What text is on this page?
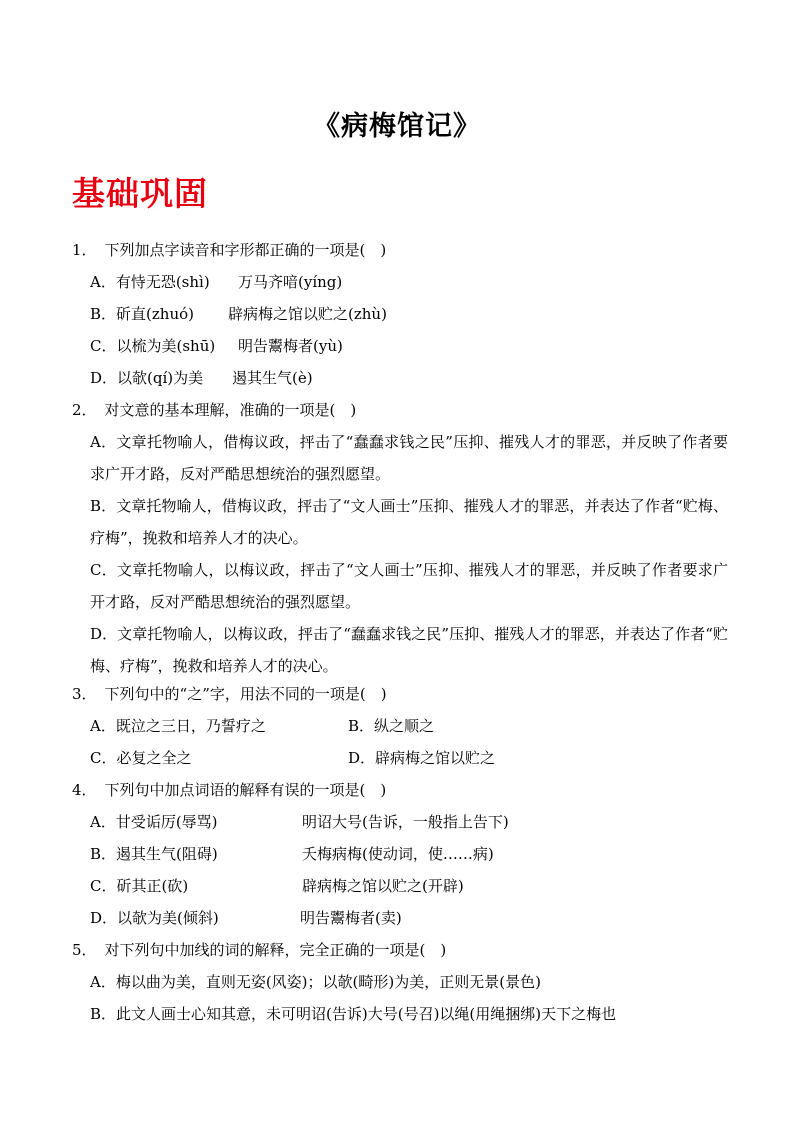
《病梅馆记》
基础巩固
1． 下列加点字读音和字形都正确的一项是(　)
A．有恃无恐(shì) 万马齐喑(yíng)
B．斫直(zhuó) 辟病梅之馆以贮之(zhù)
C．以梳为美(shū) 明告鬻梅者(yù)
D．以欹(qí)为美 遏其生气(è)
2． 对文意的基本理解，准确的一项是(　)
A．文章托物喻人，借梅议政，抨击了“蠢蠢求钱之民”压抑、摧残人才的罪恶，并反映了作者要求广开才路，反对严酷思想统治的强烈愿望。
B．文章托物喻人，借梅议政，抨击了“文人画士”压抑、摧残人才的罪恶，并表达了作者“贮梅、疗梅”，挽救和培养人才的决心。
C．文章托物喻人，以梅议政，抨击了“文人画士”压抑、摧残人才的罪恶，并反映了作者要求广开才路，反对严酷思想统治的强烈愿望。
D．文章托物喻人，以梅议政，抨击了“蠢蠢求钱之民”压抑、摧残人才的罪恶，并表达了作者“贮梅、疗梅”，挽救和培养人才的决心。
3． 下列句中的“之”字，用法不同的一项是(　)
A．既泣之三日，乃誓疗之	B．纵之顺之
C．必复之全之	D．辟病梅之馆以贮之
4． 下列句中加点词语的解释有误的一项是(　)
A．甘受诟厉(辱骂)	明诏大号(告诉，一般指上告下)
B．遏其生气(阻碍)	夭梅病梅(使动词，使……病)
C．斫其正(砍)	辟病梅之馆以贮之(开辟)
D．以欹为美(倾斜)	明告鬻梅者(卖)
5． 对下列句中加线的词的解释，完全正确的一项是(　)
A．梅以曲为美，直则无姿(风姿)；以欹(畸形)为美，正则无景(景色)
B．此文人画士心知其意，未可明诏(告诉)大号(号召)以绳(用绳捆绑)天下之梅也
